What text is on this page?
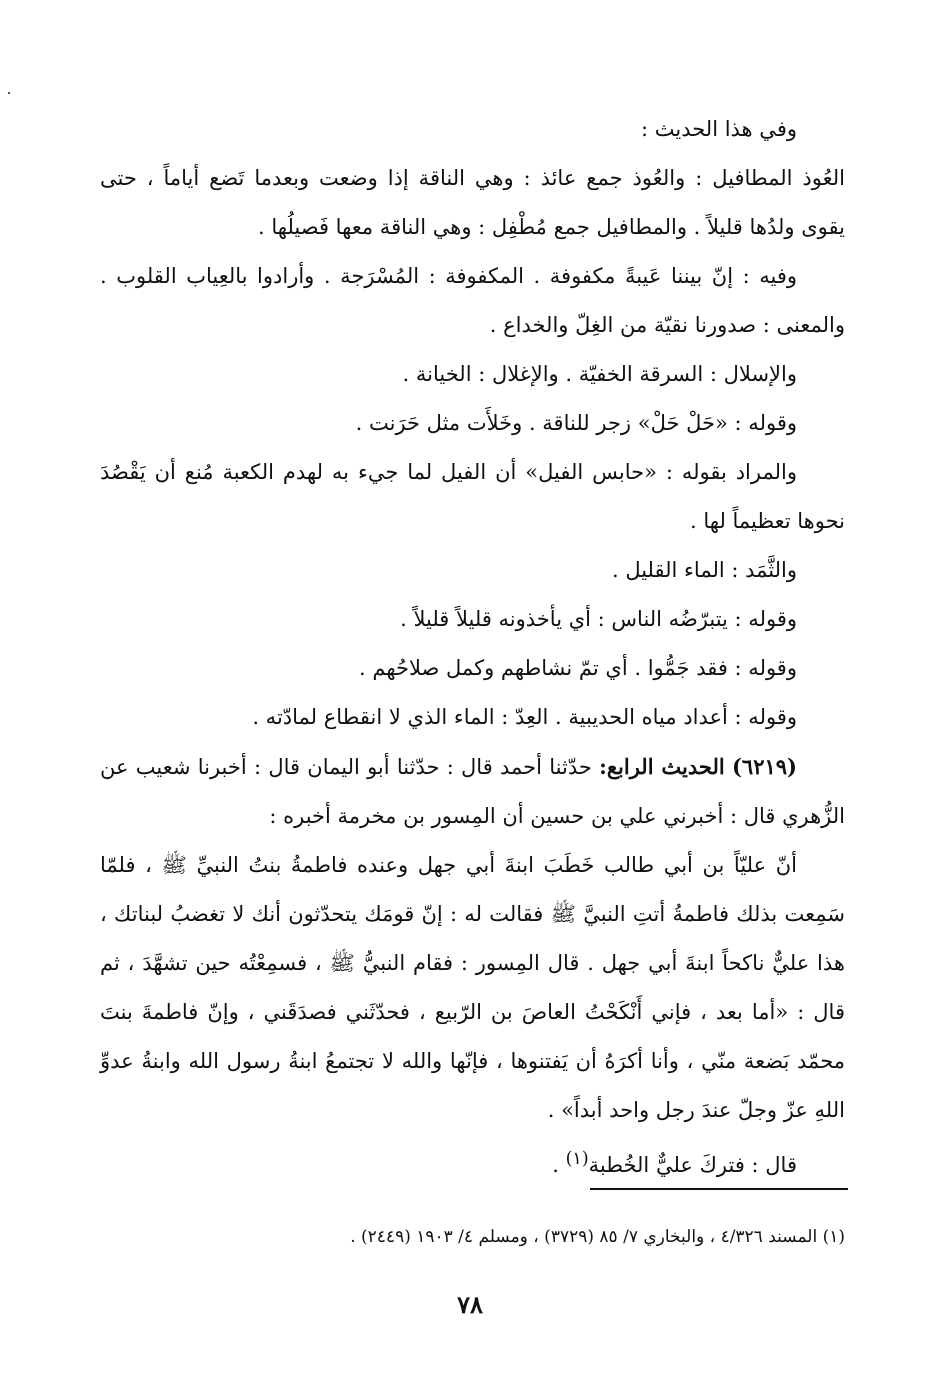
وفي هذا الحديث :

العُوذ المطافيل : والعُوذ جمع عائذ : وهي الناقة إذا وضعت وبعدما تَضع أياماً ، حتى يقوى ولدُها قليلاً . والمطافيل جمع مُطْفِل : وهي الناقة معها فَصيلُها .

وفيه : إنّ بيننا عَيبةً مكفوفة . المكفوفة : المُسْرَجة . وأرادوا بالعِياب القلوب . والمعنى : صدورنا نقيّة من الغِلّ والخداع .

والإسلال : السرقة الخفيّة . والإغلال : الخيانة .

وقوله : «حَلْ حَلْ» زجر للناقة . وخَلأَت مثل حَرَنت .

والمراد بقوله : «حابس الفيل» أن الفيل لما جيء به لهدم الكعبة مُنع أن يَقْصُدَ نحوها تعظيماً لها .

والثَّمَد : الماء القليل .

وقوله : يتبرّضُه الناس : أي يأخذونه قليلاً قليلاً .

وقوله : فقد جَمُّوا . أي تمّ نشاطهم وكمل صلاحُهم .

وقوله : أعداد مياه الحديبية . العِدّ : الماء الذي لا انقطاع لمادّته .

(٦٢١٩) الحديث الرابع: حدّثنا أحمد قال : حدّثنا أبو اليمان قال : أخبرنا شعيب عن الزُّهري قال : أخبرني علي بن حسين أن المِسور بن مخرمة أخبره :

أنّ عليّاً بن أبي طالب خَطَبَ ابنةَ أبي جهل وعنده فاطمةُ بنتُ النبيِّ ﷺ ، فلمّا سَمِعت بذلك فاطمةُ أتتِ النبيَّ ﷺ فقالت له : إنّ قومَك يتحدّثون أنك لا تغضبُ لبناتك ، هذا عليٌّ ناكحاً ابنةَ أبي جهل . قال المِسور : فقام النبيُّ ﷺ ، فسمِعْتُه حين تشهَّدَ ، ثم قال : «أما بعد ، فإني أَنْكَحْتُ العاصَ بن الرّبيع ، فحدّثَني فصدَقَني ، وإنّ فاطمةَ بنتَ محمّد بَضعة منّي ، وأنا أكرَهُ أن يَفتنوها ، فإنّها والله لا تجتمعُ ابنةُ رسول الله وابنةُ عدوِّ اللهِ عزّ وجلّ عندَ رجل واحد أبداً» .

قال : فتركَ عليٌّ الخُطبة$^{(١)}$ .

(١) المسند ٤/٣٢٦ ، والبخاري ٧/ ٨٥ (٣٧٢٩) ، ومسلم ٤/ ١٩٠٣ (٢٤٤٩) .
٧٨
